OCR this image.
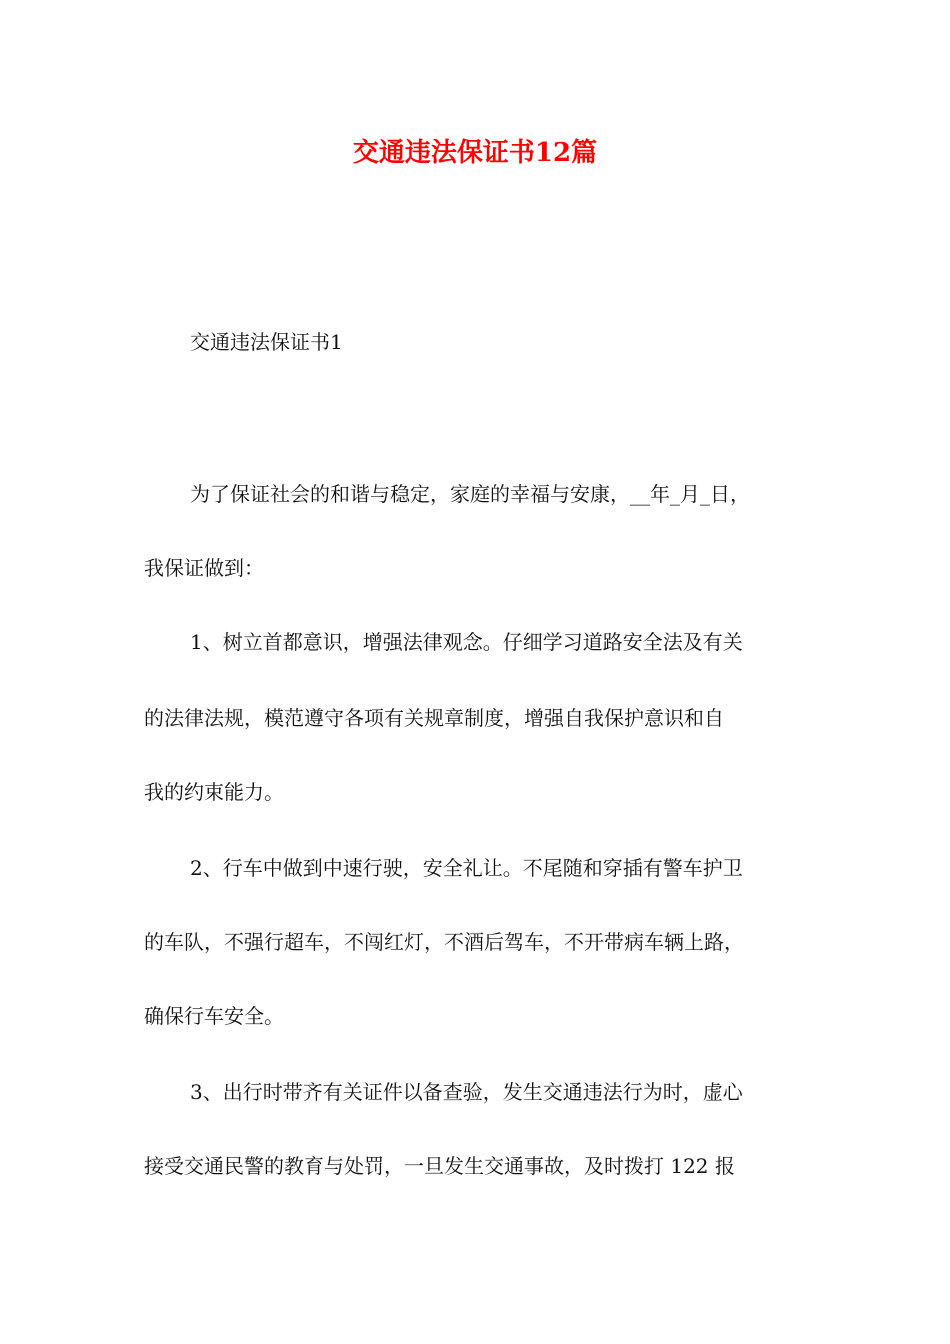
交通违法保证书12篇
交通违法保证书1
为了保证社会的和谐与稳定，家庭的幸福与安康，__年_月_日，
我保证做到：
1、树立首都意识，增强法律观念。仔细学习道路安全法及有关
的法律法规，模范遵守各项有关规章制度，增强自我保护意识和自
我的约束能力。
2、行车中做到中速行驶，安全礼让。不尾随和穿插有警车护卫
的车队，不强行超车，不闯红灯，不酒后驾车，不开带病车辆上路，
确保行车安全。
3、出行时带齐有关证件以备查验，发生交通违法行为时，虚心
接受交通民警的教育与处罚，一旦发生交通事故，及时拨打 122 报
